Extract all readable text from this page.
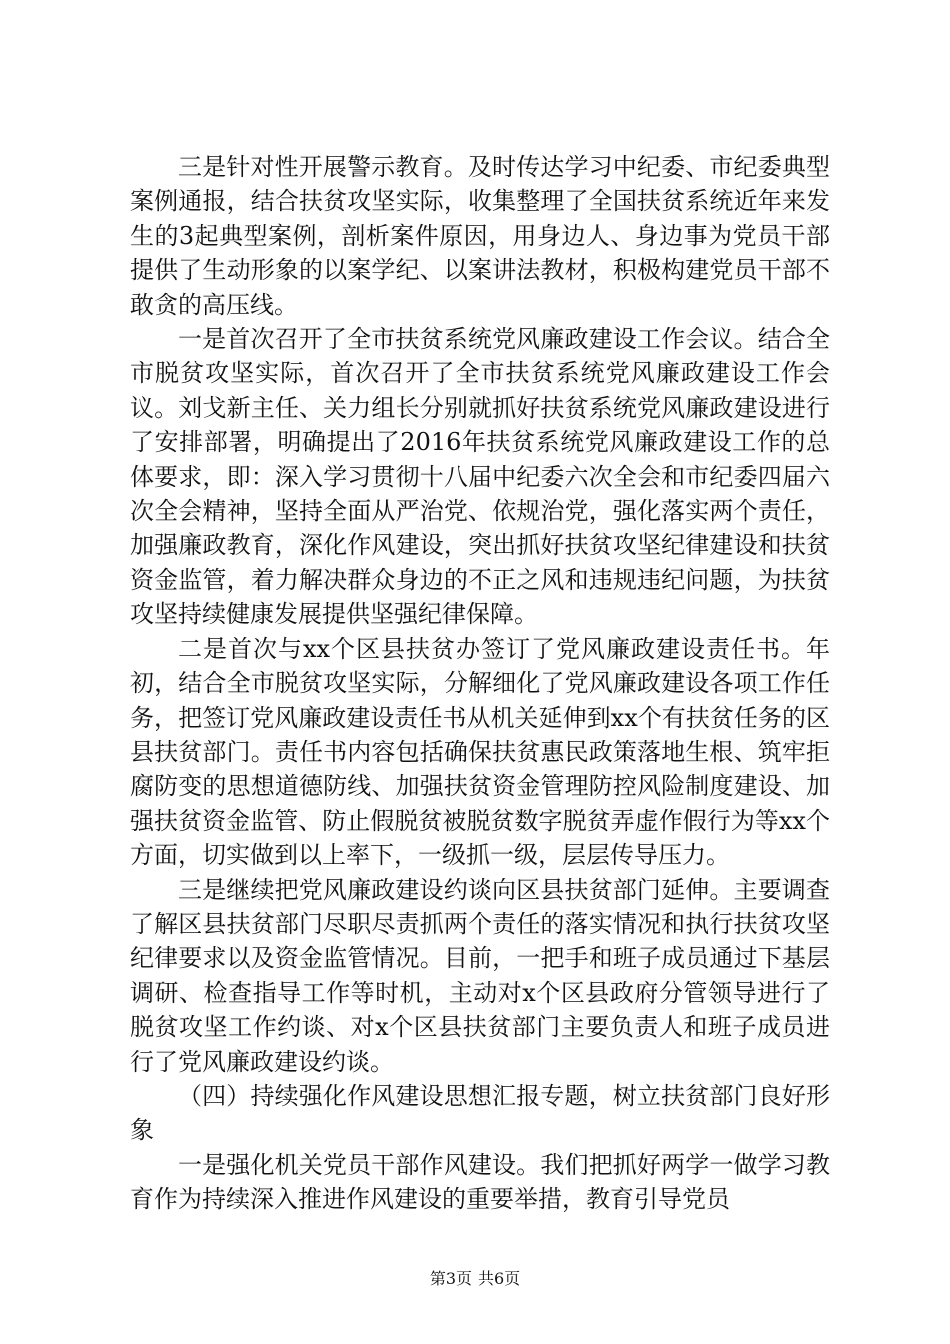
三是针对性开展警示教育。及时传达学习中纪委、市纪委典型案例通报，结合扶贫攻坚实际，收集整理了全国扶贫系统近年来发生的3起典型案例，剖析案件原因，用身边人、身边事为党员干部提供了生动形象的以案学纪、以案讲法教材，积极构建党员干部不敢贪的高压线。

一是首次召开了全市扶贫系统党风廉政建设工作会议。结合全市脱贫攻坚实际，首次召开了全市扶贫系统党风廉政建设工作会议。刘戈新主任、关力组长分别就抓好扶贫系统党风廉政建设进行了安排部署，明确提出了2016年扶贫系统党风廉政建设工作的总体要求，即：深入学习贯彻十八届中纪委六次全会和市纪委四届六次全会精神，坚持全面从严治党、依规治党，强化落实两个责任，加强廉政教育，深化作风建设，突出抓好扶贫攻坚纪律建设和扶贫资金监管，着力解决群众身边的不正之风和违规违纪问题，为扶贫攻坚持续健康发展提供坚强纪律保障。

二是首次与xx个区县扶贫办签订了党风廉政建设责任书。年初，结合全市脱贫攻坚实际，分解细化了党风廉政建设各项工作任务，把签订党风廉政建设责任书从机关延伸到xx个有扶贫任务的区县扶贫部门。责任书内容包括确保扶贫惠民政策落地生根、筑牢拒腐防变的思想道德防线、加强扶贫资金管理防控风险制度建设、加强扶贫资金监管、防止假脱贫被脱贫数字脱贫弄虚作假行为等xx个方面，切实做到以上率下，一级抓一级，层层传导压力。

三是继续把党风廉政建设约谈向区县扶贫部门延伸。主要调查了解区县扶贫部门尽职尽责抓两个责任的落实情况和执行扶贫攻坚纪律要求以及资金监管情况。目前，一把手和班子成员通过下基层调研、检查指导工作等时机，主动对x个区县政府分管领导进行了脱贫攻坚工作约谈、对x个区县扶贫部门主要负责人和班子成员进行了党风廉政建设约谈。

（四）持续强化作风建设思想汇报专题，树立扶贫部门良好形象

一是强化机关党员干部作风建设。我们把抓好两学一做学习教育作为持续深入推进作风建设的重要举措，教育引导党员

第3页 共6页
